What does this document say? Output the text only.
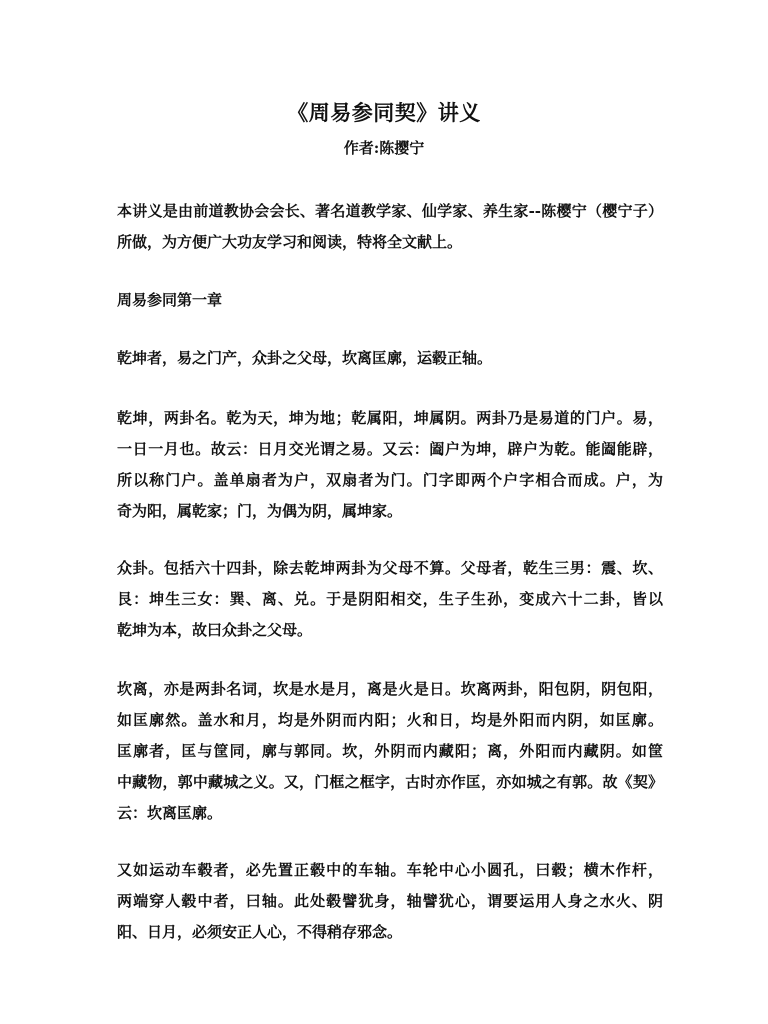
《周易参同契》讲义
作者:陈撄宁

本讲义是由前道教协会会长、著名道教学家、仙学家、养生家--陈樱宁（樱宁子）
所做，为方便广大功友学习和阅读，特将全文献上。

周易参同第一章

乾坤者，易之门产，众卦之父母，坎离匡廓，运毂正轴。

乾坤，两卦名。乾为天，坤为地；乾属阳，坤属阴。两卦乃是易道的门户。易，
一日一月也。故云：日月交光谓之易。又云：阖户为坤，辟户为乾。能阖能辟，
所以称门户。盖单扇者为户，双扇者为门。门字即两个户字相合而成。户，为
奇为阳，属乾家；门，为偶为阴，属坤家。

众卦。包括六十四卦，除去乾坤两卦为父母不算。父母者，乾生三男：震、坎、
艮：坤生三女：巽、离、兑。于是阴阳相交，生子生孙，变成六十二卦，皆以
乾坤为本，故曰众卦之父母。

坎离，亦是两卦名词，坎是水是月，离是火是日。坎离两卦，阳包阴，阴包阳，
如匡廓然。盖水和月，均是外阴而内阳；火和日，均是外阳而内阴，如匡廓。
匡廓者，匡与筐同，廓与郭同。坎，外阴而内藏阳；离，外阳而内藏阴。如筐
中藏物，郭中藏城之义。又，门框之框字，古时亦作匡，亦如城之有郭。故《契》
云：坎离匡廓。

又如运动车毂者，必先置正毂中的车轴。车轮中心小圆孔，曰毂；横木作杆，
两端穿人毂中者，曰轴。此处毂譬犹身，轴譬犹心，谓要运用人身之水火、阴
阳、日月，必须安正人心，不得稍存邪念。
